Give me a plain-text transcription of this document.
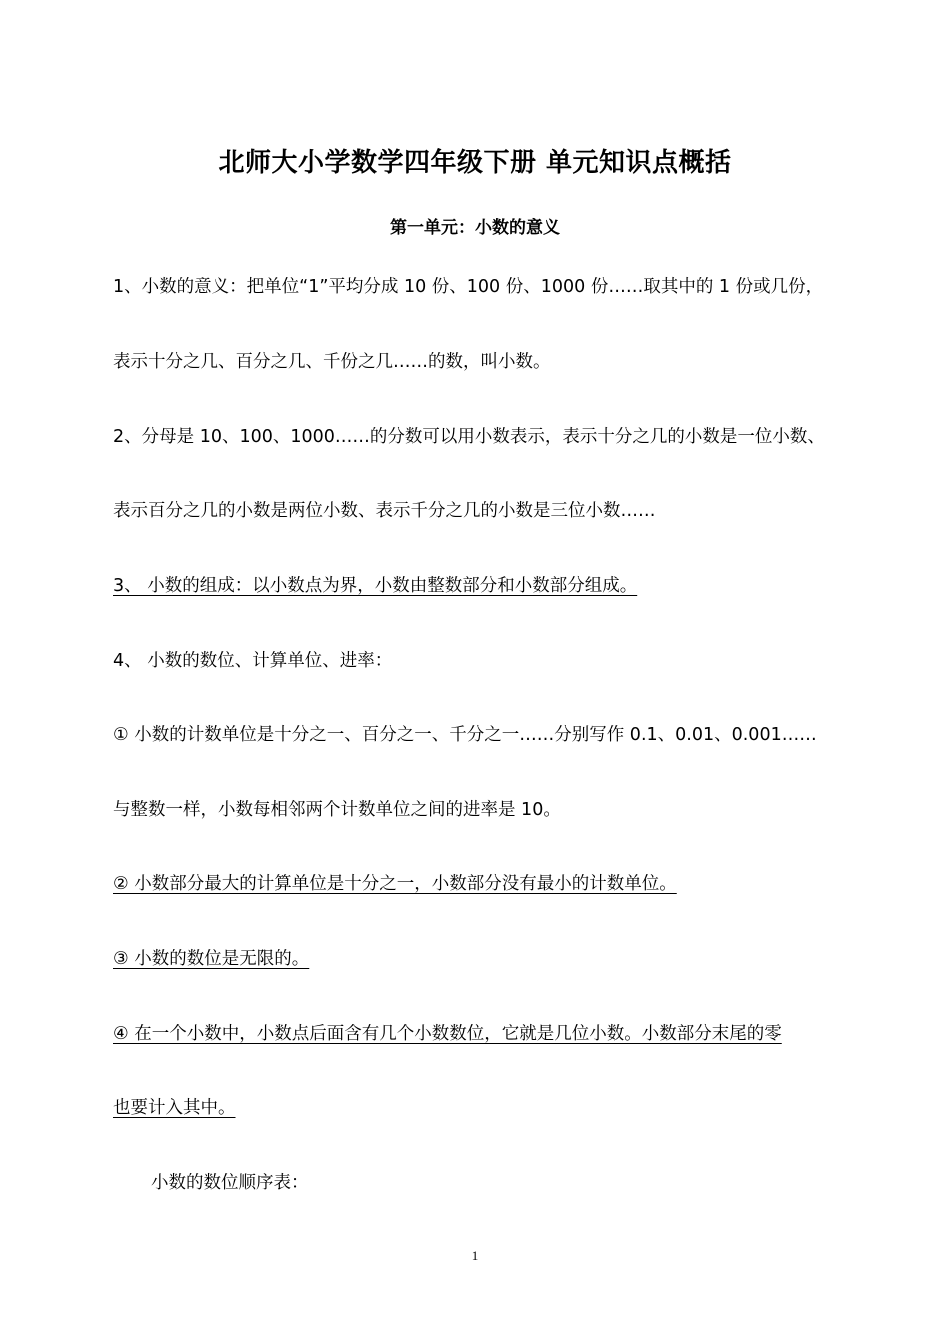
北师大小学数学四年级下册 单元知识点概括
第一单元：小数的意义
1、小数的意义：把单位“1”平均分成 10 份、100 份、1000 份……取其中的 1 份或几份，
表示十分之几、百分之几、千份之几……的数，叫小数。
2、分母是 10、100、1000……的分数可以用小数表示，表示十分之几的小数是一位小数、
表示百分之几的小数是两位小数、表示千分之几的小数是三位小数……
3、 小数的组成：以小数点为界，小数由整数部分和小数部分组成。
4、 小数的数位、计算单位、进率：
① 小数的计数单位是十分之一、百分之一、千分之一……分别写作 0.1、0.01、0.001……
与整数一样，小数每相邻两个计数单位之间的进率是 10。
② 小数部分最大的计算单位是十分之一，小数部分没有最小的计数单位。
③ 小数的数位是无限的。
④ 在一个小数中，小数点后面含有几个小数数位，它就是几位小数。小数部分末尾的零
也要计入其中。
小数的数位顺序表：
1
